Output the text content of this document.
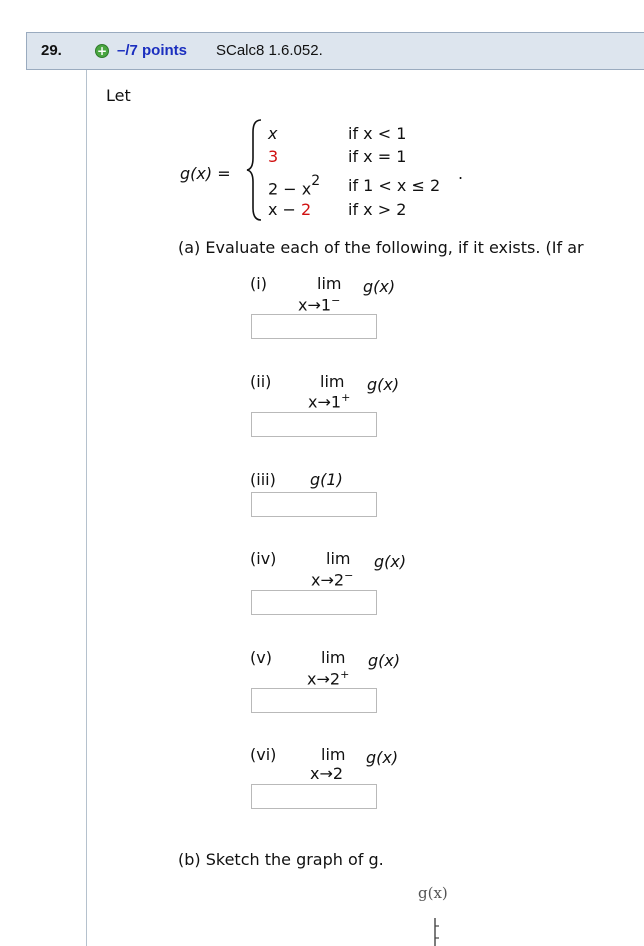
29.	+ –/7 points SCalc8 1.6.052.
Let
g(x) =
x	if x < 1
3	if x = 1
$2 - x^2$ if 1 < x ≤ 2
.
x − 2 if x > 2
(a) Evaluate each of the following, if it exists. (If ar
(i)	lim g(x)
x→1−
(ii)	lim g(x)
x→1+
(iii) g(1)
(iv)	lim g(x)
x→2−
(v)	lim g(x)
x→2+
(vi)	lim g(x)
x→2
(b) Sketch the graph of g.
g(x)
